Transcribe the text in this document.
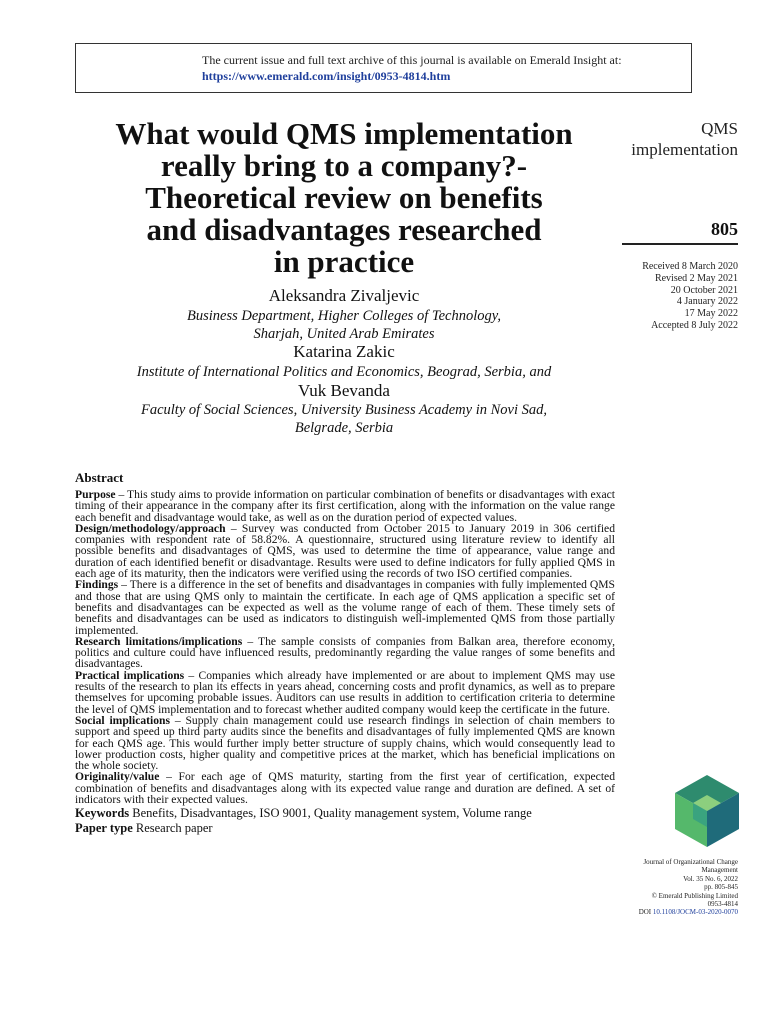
The current issue and full text archive of this journal is available on Emerald Insight at:
https://www.emerald.com/insight/0953-4814.htm
What would QMS implementation
really bring to a company?-
Theoretical review on benefits
and disadvantages researched
in practice
QMS
implementation
805
Received 8 March 2020
Revised 2 May 2021
20 October 2021
4 January 2022
17 May 2022
Accepted 8 July 2022
Aleksandra Zivaljevic
Business Department, Higher Colleges of Technology,
Sharjah, United Arab Emirates
Katarina Zakic
Institute of International Politics and Economics, Beograd, Serbia, and
Vuk Bevanda
Faculty of Social Sciences, University Business Academy in Novi Sad,
Belgrade, Serbia
Abstract

Purpose – This study aims to provide information on particular combination of benefits or disadvantages with exact timing of their appearance in the company after its first certification, along with the information on the value range each benefit and disadvantage would take, as well as on the duration period of expected values.

Design/methodology/approach – Survey was conducted from October 2015 to January 2019 in 306 certified companies with respondent rate of 58.82%. A questionnaire, structured using literature review to identify all possible benefits and disadvantages of QMS, was used to determine the time of appearance, value range and duration of each identified benefit or disadvantage. Results were used to define indicators for fully applied QMS in each age of its maturity, then the indicators were verified using the records of two ISO certified companies.

Findings – There is a difference in the set of benefits and disadvantages in companies with fully implemented QMS and those that are using QMS only to maintain the certificate. In each age of QMS application a specific set of benefits and disadvantages can be expected as well as the volume range of each of them. These timely sets of benefits and disadvantages can be used as indicators to distinguish well-implemented QMS from those partially implemented.

Research limitations/implications – The sample consists of companies from Balkan area, therefore economy, politics and culture could have influenced results, predominantly regarding the value ranges of some benefits and disadvantages.

Practical implications – Companies which already have implemented or are about to implement QMS may use results of the research to plan its effects in years ahead, concerning costs and profit dynamics, as well as to prepare themselves for upcoming probable issues. Auditors can use results in addition to certification criteria to determine the level of QMS implementation and to forecast whether audited company would keep the certificate in the future.

Social implications – Supply chain management could use research findings in selection of chain members to support and speed up third party audits since the benefits and disadvantages of fully implemented QMS are known for each QMS age. This would further imply better structure of supply chains, which would consequently lead to lower production costs, higher quality and competitive prices at the market, which has beneficial implications on the whole society.

Originality/value – For each age of QMS maturity, starting from the first year of certification, expected combination of benefits and disadvantages along with its expected value range and duration are defined. A set of indicators with their expected values.

Keywords Benefits, Disadvantages, ISO 9001, Quality management system, Volume range

Paper type Research paper

Journal of Organizational Change
Management
Vol. 35 No. 6, 2022
pp. 805-845
© Emerald Publishing Limited
0953-4814
DOI 10.1108/JOCM-03-2020-0070
